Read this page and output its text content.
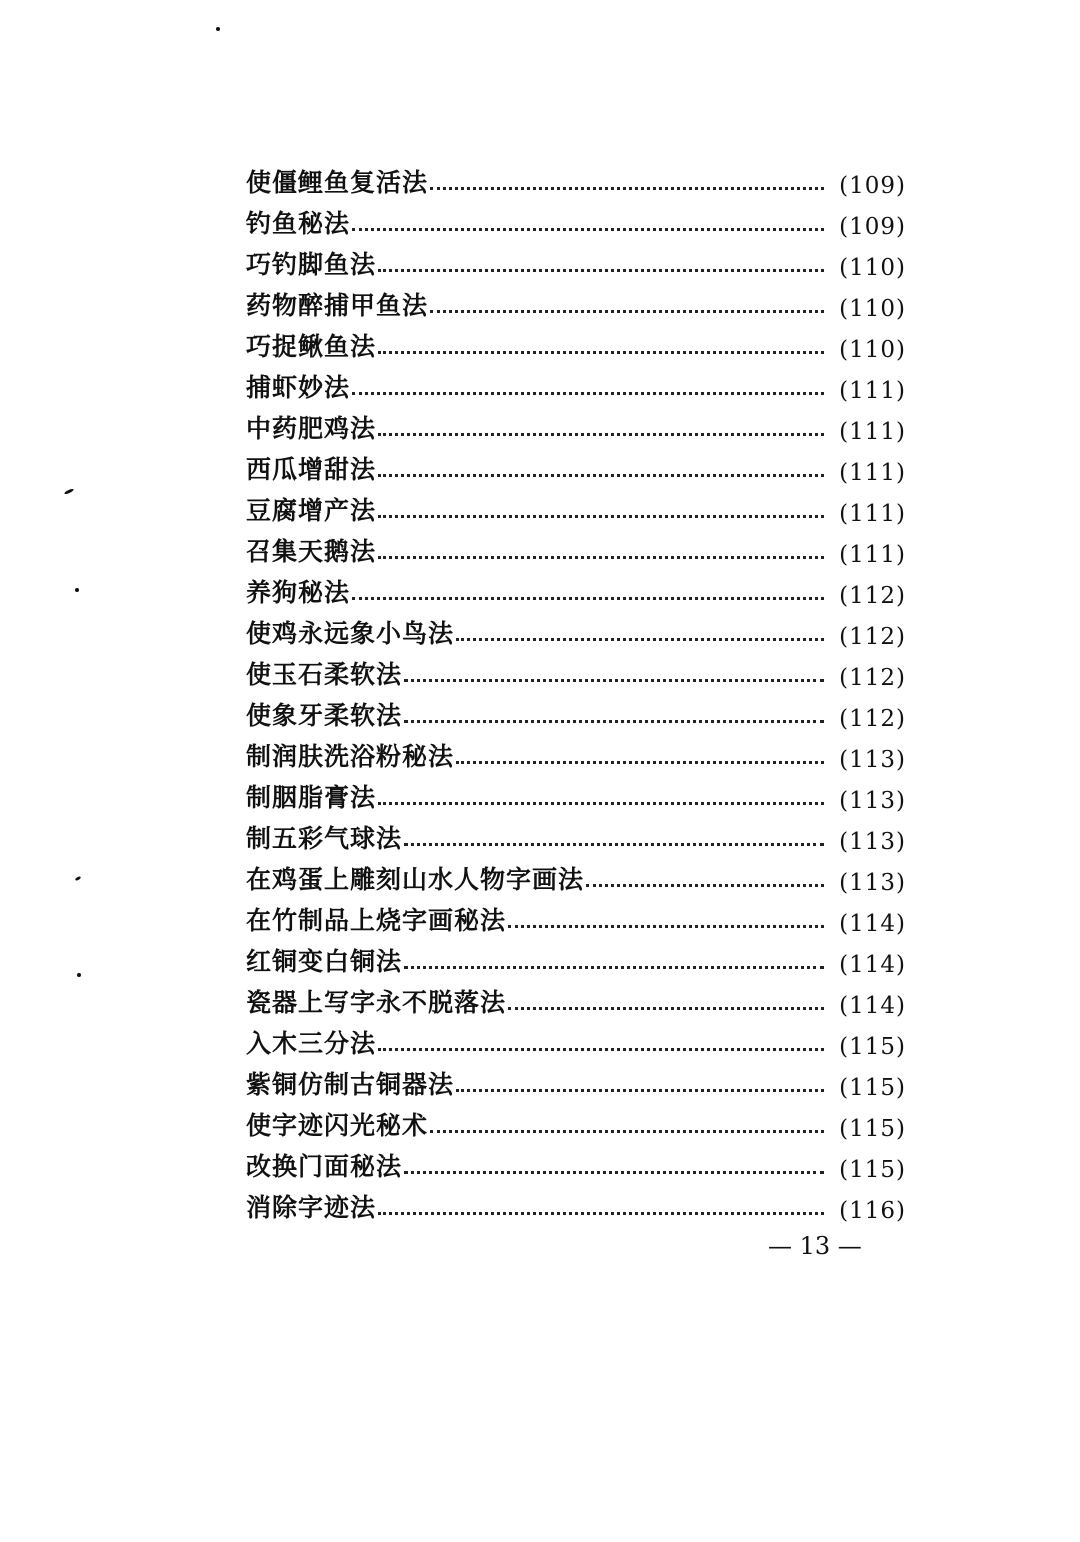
使僵鲤鱼复活法	(109)
钓鱼秘法	(109)
巧钓脚鱼法	(110)
药物醉捕甲鱼法	(110)
巧捉鳅鱼法	(110)
捕虾妙法	(111)
中药肥鸡法	(111)
西瓜增甜法	(111)
豆腐增产法	(111)
召集天鹅法	(111)
养狗秘法	(112)
使鸡永远象小鸟法	(112)
使玉石柔软法	(112)
使象牙柔软法	(112)
制润肤洗浴粉秘法	(113)
制胭脂膏法	(113)
制五彩气球法	(113)
在鸡蛋上雕刻山水人物字画法	(113)
在竹制品上烧字画秘法	(114)
红铜变白铜法	(114)
瓷器上写字永不脱落法	(114)
入木三分法	(115)
紫铜仿制古铜器法	(115)
使字迹闪光秘术	(115)
改换门面秘法	(115)
消除字迹法	(116)
— 13 —
